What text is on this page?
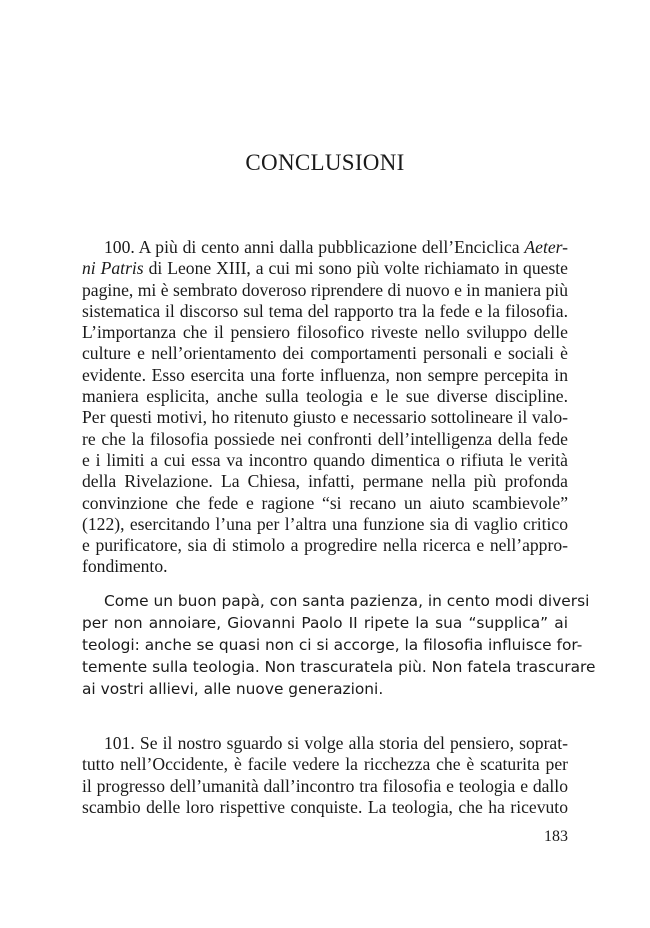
CONCLUSIONI
100. A più di cento anni dalla pubblicazione dell’Enciclica Aeter-
ni Patris di Leone XIII, a cui mi sono più volte richiamato in queste
pagine, mi è sembrato doveroso riprendere di nuovo e in maniera più
sistematica il discorso sul tema del rapporto tra la fede e la filosofia.
L’importanza che il pensiero filosofico riveste nello sviluppo delle
culture e nell’orientamento dei comportamenti personali e sociali è
evidente. Esso esercita una forte influenza, non sempre percepita in
maniera esplicita, anche sulla teologia e le sue diverse discipline.
Per questi motivi, ho ritenuto giusto e necessario sottolineare il valo-
re che la filosofia possiede nei confronti dell’intelligenza della fede
e i limiti a cui essa va incontro quando dimentica o rifiuta le verità
della Rivelazione. La Chiesa, infatti, permane nella più profonda
convinzione che fede e ragione “si recano un aiuto scambievole”
(122), esercitando l’una per l’altra una funzione sia di vaglio critico
e purificatore, sia di stimolo a progredire nella ricerca e nell’appro-
fondimento.
Come un buon papà, con santa pazienza, in cento modi diversi
per non annoiare, Giovanni Paolo II ripete la sua “supplica” ai
teologi: anche se quasi non ci si accorge, la filosofia influisce for-
temente sulla teologia. Non trascuratela più. Non fatela trascurare
ai vostri allievi, alle nuove generazioni.
101. Se il nostro sguardo si volge alla storia del pensiero, soprat-
tutto nell’Occidente, è facile vedere la ricchezza che è scaturita per
il progresso dell’umanità dall’incontro tra filosofia e teologia e dallo
scambio delle loro rispettive conquiste. La teologia, che ha ricevuto
183
